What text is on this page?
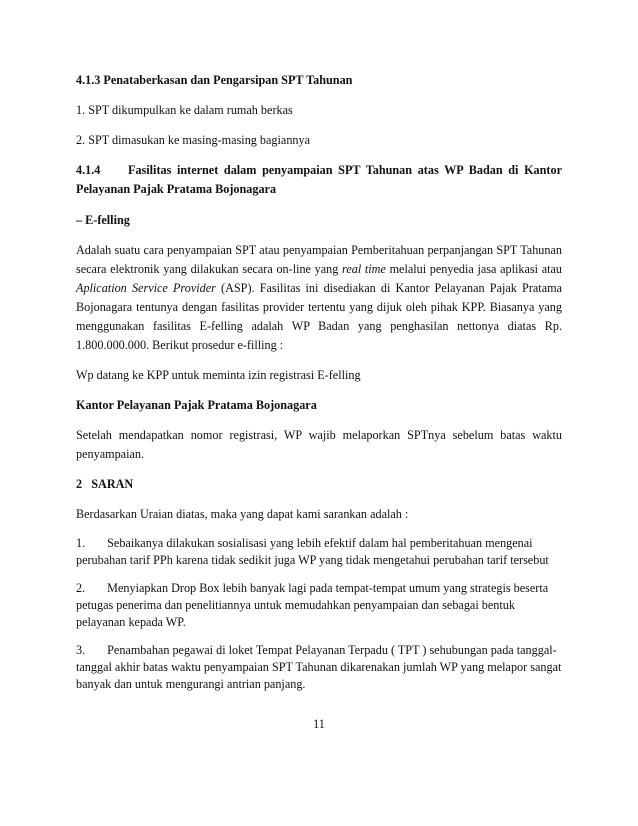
4.1.3 Penataberkasan dan Pengarsipan SPT Tahunan

1. SPT dikumpulkan ke dalam rumah berkas

2. SPT dimasukan ke masing-masing bagiannya

4.1.4 Fasilitas internet dalam penyampaian SPT Tahunan atas WP Badan di Kantor Pelayanan Pajak Pratama Bojonagara

– E-felling

Adalah suatu cara penyampaian SPT atau penyampaian Pemberitahuan perpanjangan SPT Tahunan secara elektronik yang dilakukan secara on-line yang real time melalui penyedia jasa aplikasi atau Aplication Service Provider (ASP). Fasilitas ini disediakan di Kantor Pelayanan Pajak Pratama Bojonagara tentunya dengan fasilitas provider tertentu yang dijuk oleh pihak KPP. Biasanya yang menggunakan fasilitas E-felling adalah WP Badan yang penghasilan nettonya diatas Rp. 1.800.000.000. Berikut prosedur e-filling :

Wp datang ke KPP untuk meminta izin registrasi E-felling

Kantor Pelayanan Pajak Pratama Bojonagara

Setelah mendapatkan nomor registrasi, WP wajib melaporkan SPTnya sebelum batas waktu penyampaian.

2   SARAN

Berdasarkan Uraian diatas, maka yang dapat kami sarankan adalah :

1. Sebaikanya dilakukan sosialisasi yang lebih efektif dalam hal pemberitahuan mengenai perubahan tarif PPh karena tidak sedikit juga WP yang tidak mengetahui perubahan tarif tersebut

2. Menyiapkan Drop Box lebih banyak lagi pada tempat-tempat umum yang strategis beserta petugas penerima dan penelitiannya untuk memudahkan penyampaian dan sebagai bentuk pelayanan kepada WP.

3. Penambahan pegawai di loket Tempat Pelayanan Terpadu ( TPT ) sehubungan pada tanggal-tanggal akhir batas waktu penyampaian SPT Tahunan dikarenakan jumlah WP yang melapor sangat banyak dan untuk mengurangi antrian panjang.

11
